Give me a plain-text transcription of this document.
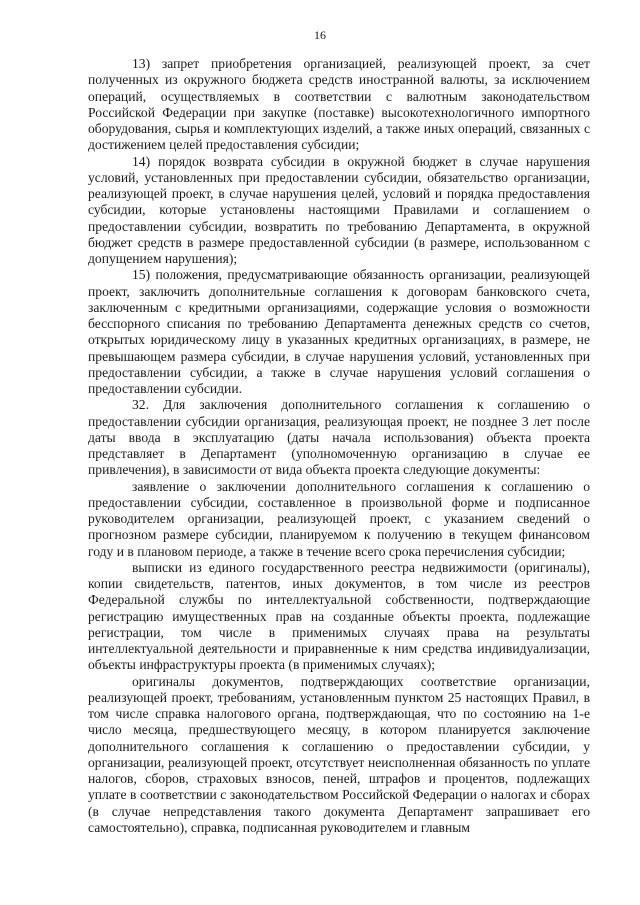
16

13) запрет приобретения организацией, реализующей проект, за счет полученных из окружного бюджета средств иностранной валюты, за исключением операций, осуществляемых в соответствии с валютным законодательством Российской Федерации при закупке (поставке) высокотехнологичного импортного оборудования, сырья и комплектующих изделий, а также иных операций, связанных с достижением целей предоставления субсидии;

14) порядок возврата субсидии в окружной бюджет в случае нарушения условий, установленных при предоставлении субсидии, обязательство организации, реализующей проект, в случае нарушения целей, условий и порядка предоставления субсидии, которые установлены настоящими Правилами и соглашением о предоставлении субсидии, возвратить по требованию Департамента, в окружной бюджет средств в размере предоставленной субсидии (в размере, использованном с допущением нарушения);

15) положения, предусматривающие обязанность организации, реализующей проект, заключить дополнительные соглашения к договорам банковского счета, заключенным с кредитными организациями, содержащие условия о возможности бесспорного списания по требованию Департамента денежных средств со счетов, открытых юридическому лицу в указанных кредитных организациях, в размере, не превышающем размера субсидии, в случае нарушения условий, установленных при предоставлении субсидии, а также в случае нарушения условий соглашения о предоставлении субсидии.

32. Для заключения дополнительного соглашения к соглашению о предоставлении субсидии организация, реализующая проект, не позднее 3 лет после даты ввода в эксплуатацию (даты начала использования) объекта проекта представляет в Департамент (уполномоченную организацию в случае ее привлечения), в зависимости от вида объекта проекта следующие документы:

заявление о заключении дополнительного соглашения к соглашению о предоставлении субсидии, составленное в произвольной форме и подписанное руководителем организации, реализующей проект, с указанием сведений о прогнозном размере субсидии, планируемом к получению в текущем финансовом году и в плановом периоде, а также в течение всего срока перечисления субсидии;

выписки из единого государственного реестра недвижимости (оригиналы), копии свидетельств, патентов, иных документов, в том числе из реестров Федеральной службы по интеллектуальной собственности, подтверждающие регистрацию имущественных прав на созданные объекты проекта, подлежащие регистрации, том числе в применимых случаях права на результаты интеллектуальной деятельности и приравненные к ним средства индивидуализации, объекты инфраструктуры проекта (в применимых случаях);

оригиналы документов, подтверждающих соответствие организации, реализующей проект, требованиям, установленным пунктом 25 настоящих Правил, в том числе справка налогового органа, подтверждающая, что по состоянию на 1-е число месяца, предшествующего месяцу, в котором планируется заключение дополнительного соглашения к соглашению о предоставлении субсидии, у организации, реализующей проект, отсутствует неисполненная обязанность по уплате налогов, сборов, страховых взносов, пеней, штрафов и процентов, подлежащих уплате в соответствии с законодательством Российской Федерации о налогах и сборах (в случае непредставления такого документа Департамент запрашивает его самостоятельно), справка, подписанная руководителем и главным
